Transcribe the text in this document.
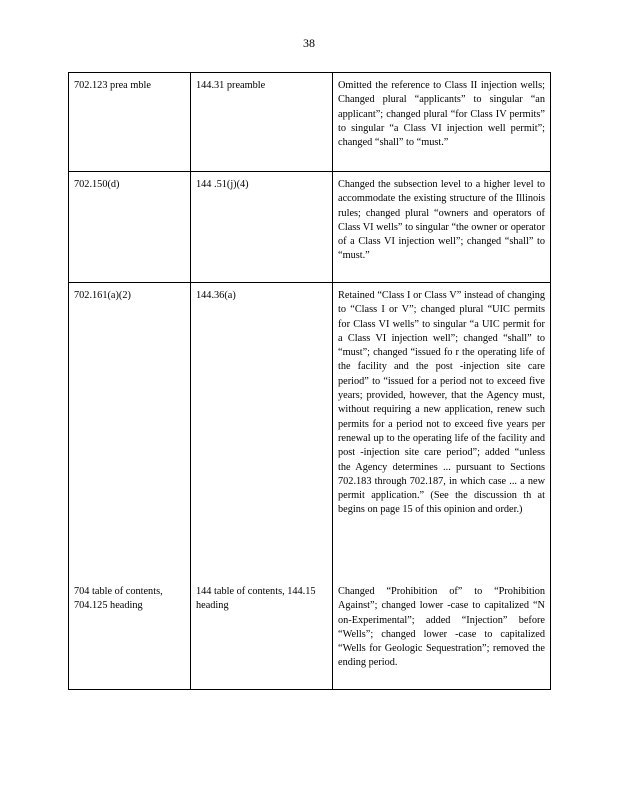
38
702.123 prea mble	144.31 preamble	Omitted the reference to Class II injection wells; Changed plural “applicants” to singular “an applicant”; changed plural “for Class IV permits” to singular “a Class VI injection well permit”; changed “shall” to “must.”
702.150(d)	144 .51(j)(4)	Changed the subsection level to a higher level to accommodate the existing structure of the Illinois rules; changed plural “owners and operators of Class VI wells” to singular “the owner or operator of a Class VI injection well”; changed “shall” to “must.”
702.161(a)(2)	144.36(a)	Retained “Class I or Class V” instead of changing to “Class I or V”; changed plural “UIC permits for Class VI wells” to singular “a UIC permit for a Class VI injection well”; changed “shall” to “must”; changed “issued fo r the operating life of the facility and the post -injection site care period” to “issued for a period not to exceed five years; provided, however, that the Agency must, without requiring a new application, renew such permits for a period not to exceed five years per renewal up to the operating life of the facility and post -injection site care period”; added “unless the Agency determines ... pursuant to Sections 702.183 through 702.187, in which case ... a new permit application.” (See the discussion th at begins on page 15 of this opinion and order.)
704 table of contents, 704.125 heading	144 table of contents, 144.15 heading	Changed “Prohibition of” to “Prohibition Against”; changed lower -case to capitalized “N on-Experimental”; added “Injection” before “Wells”; changed lower -case to capitalized “Wells for Geologic Sequestration”; removed the ending period.
